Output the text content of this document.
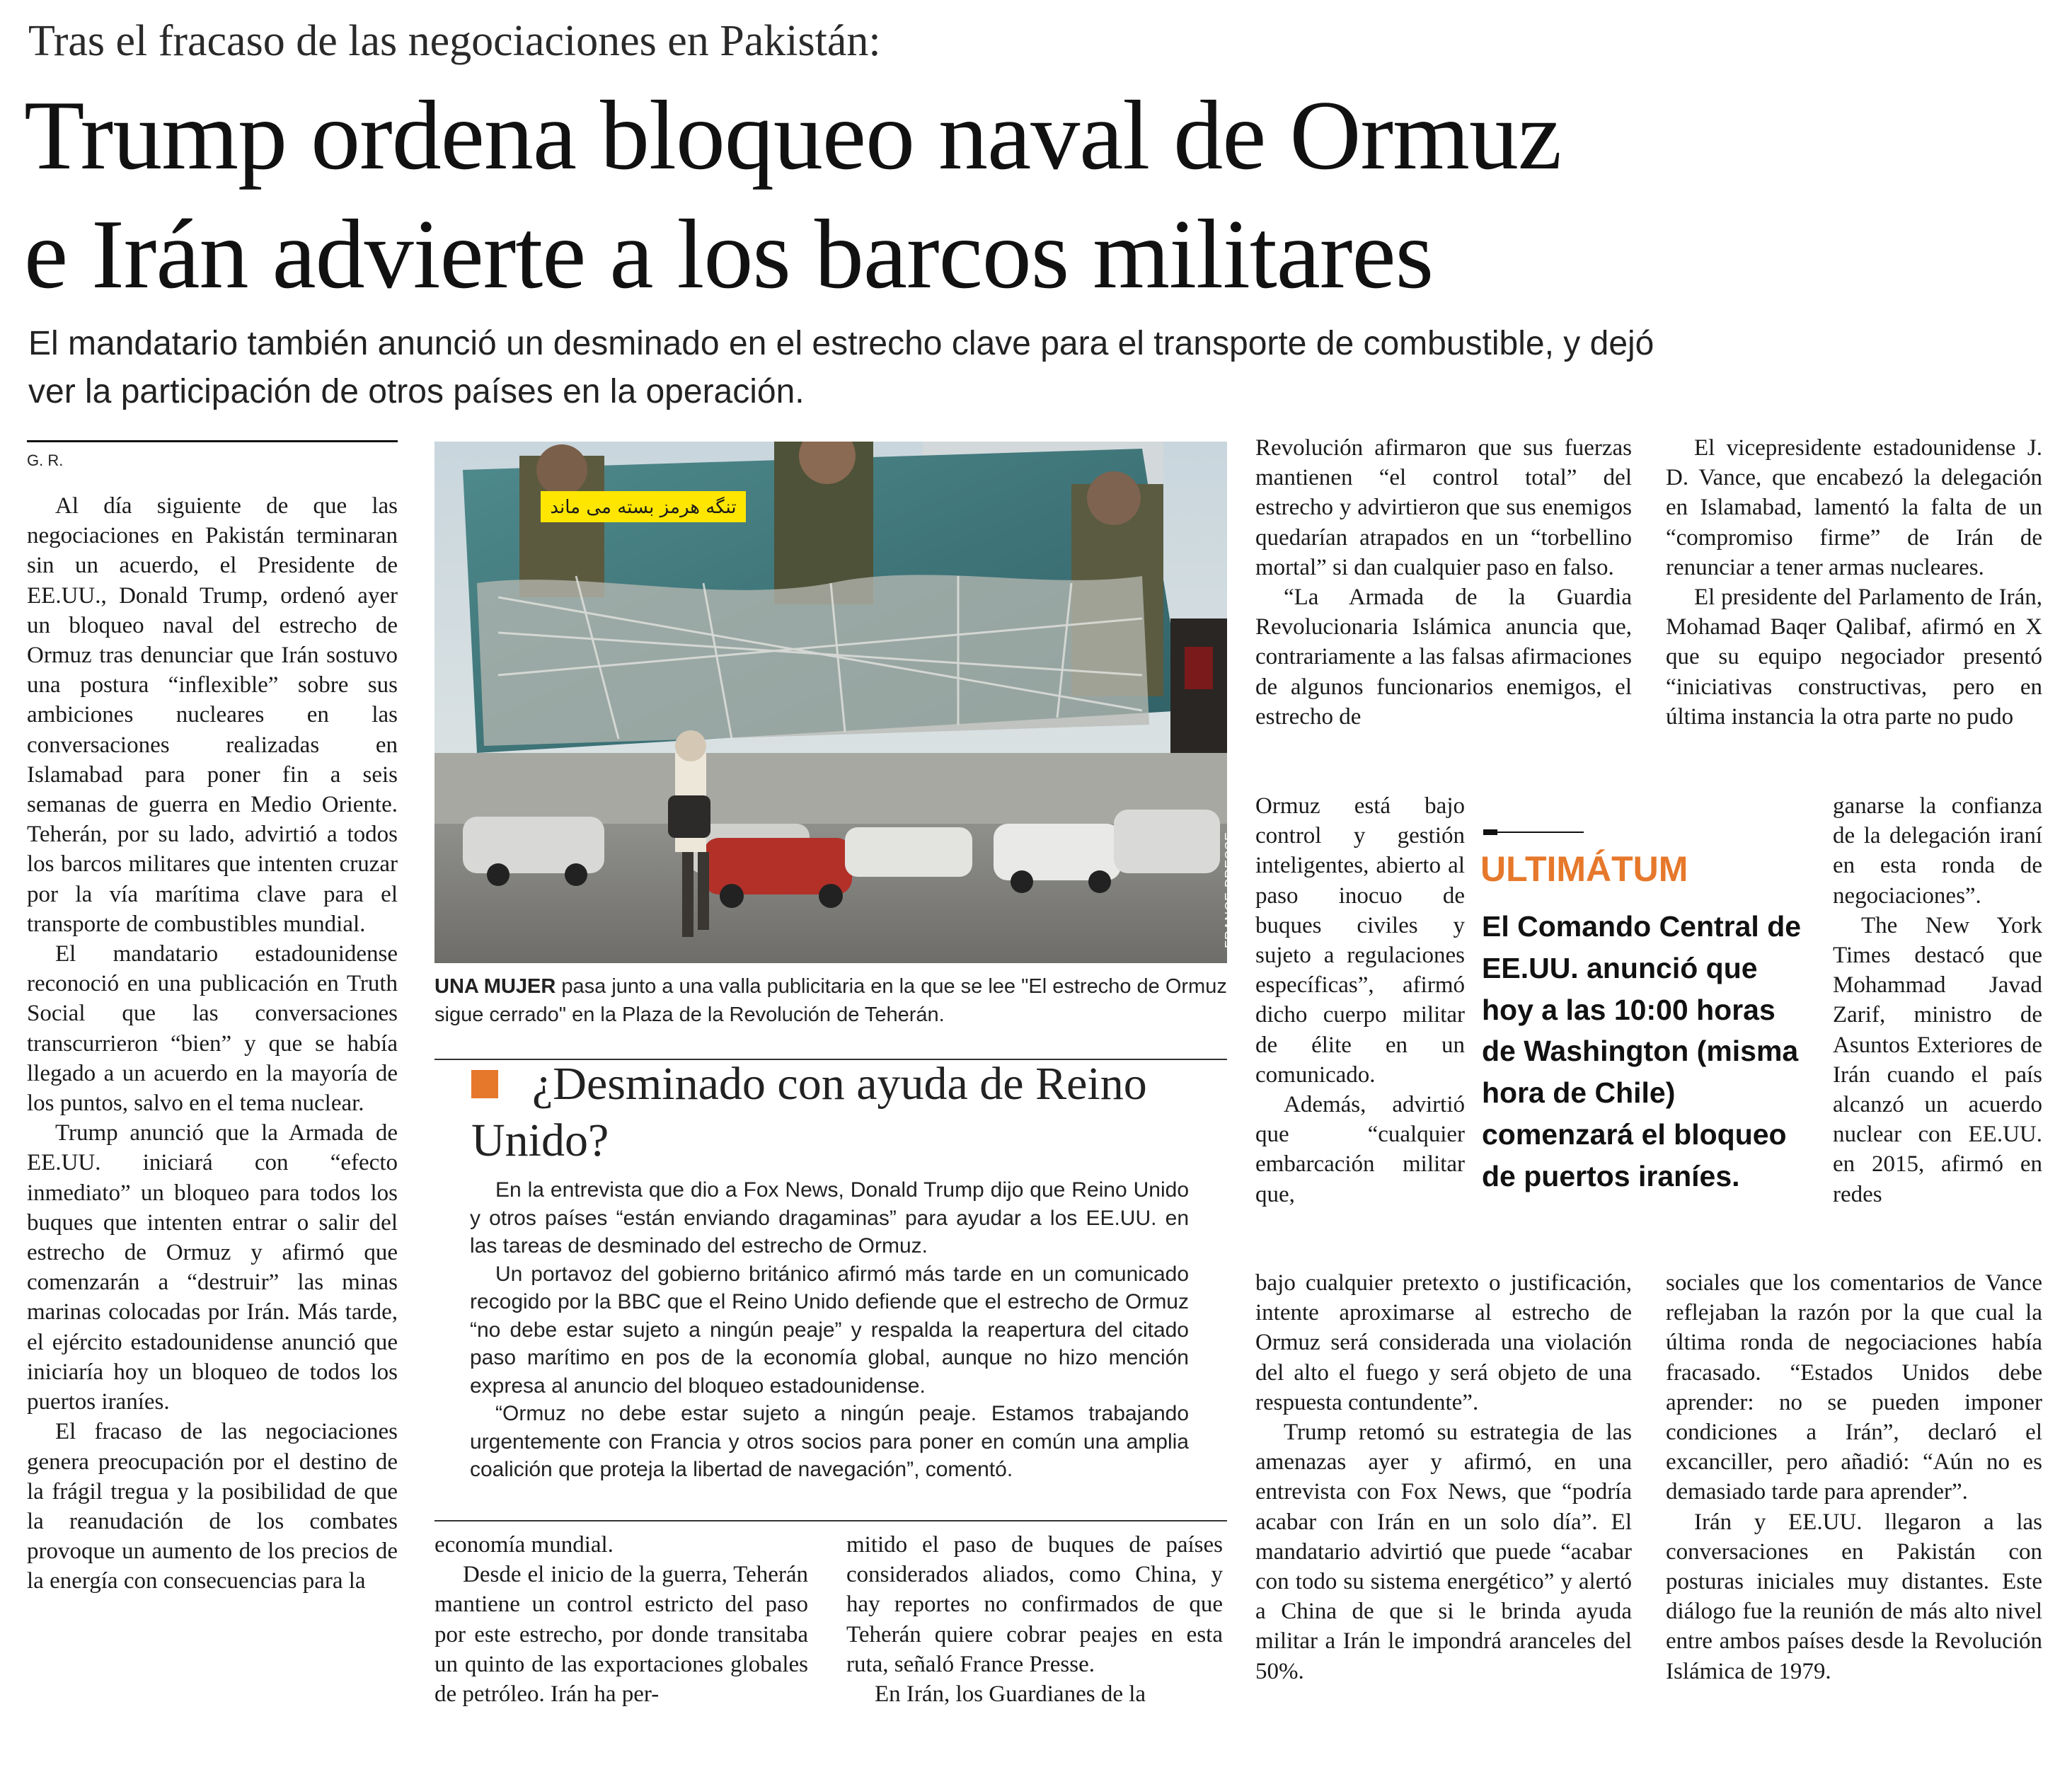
Tras el fracaso de las negociaciones en Pakistán:
Trump ordena bloqueo naval de Ormuz
e Irán advierte a los barcos militares
El mandatario también anunció un desminado en el estrecho clave para el transporte de combustible, y dejó
ver la participación de otros países en la operación.
G. R.

Al día siguiente de que las negociaciones en Pakistán terminaran sin un acuerdo, el Presidente de EE.UU., Donald Trump, ordenó ayer un bloqueo naval del estrecho de Ormuz tras denunciar que Irán sostuvo una postura “inflexible” sobre sus ambiciones nucleares en las conversaciones realizadas en Islamabad para poner fin a seis semanas de guerra en Medio Oriente. Teherán, por su lado, advirtió a todos los barcos militares que intenten cruzar por la vía marítima clave para el transporte de combustibles mundial.

El mandatario estadounidense reconoció en una publicación en Truth Social que las conversaciones transcurrieron “bien” y que se había llegado a un acuerdo en la mayoría de los puntos, salvo en el tema nuclear.

Trump anunció que la Armada de EE.UU. iniciará con “efecto inmediato” un bloqueo para todos los buques que intenten entrar o salir del estrecho de Ormuz y afirmó que comenzarán a “destruir” las minas marinas colocadas por Irán. Más tarde, el ejército estadounidense anunció que iniciaría hoy un bloqueo de todos los puertos iraníes.

El fracaso de las negociaciones genera preocupación por el destino de la frágil tregua y la posibilidad de que la reanudación de los combates provoque un aumento de los precios de la energía con consecuencias para la

تنگه هرمز بسته می ماند
FRANCE PRESSE
UNA MUJER pasa junto a una valla publicitaria en la que se lee "El estrecho de Ormuz sigue cerrado" en la Plaza de la Revolución de Teherán.
¿Desminado con ayuda de Reino Unido?

En la entrevista que dio a Fox News, Donald Trump dijo que Reino Unido y otros países “están enviando dragaminas” para ayudar a los EE.UU. en las tareas de desminado del estrecho de Ormuz.

Un portavoz del gobierno británico afirmó más tarde en un comunicado recogido por la BBC que el Reino Unido defiende que el estrecho de Ormuz “no debe estar sujeto a ningún peaje” y respalda la reapertura del citado paso marítimo en pos de la economía global, aunque no hizo mención expresa al anuncio del bloqueo estadounidense.

“Ormuz no debe estar sujeto a ningún peaje. Estamos trabajando urgentemente con Francia y otros socios para poner en común una amplia coalición que proteja la libertad de navegación”, comentó.

economía mundial.

Desde el inicio de la guerra, Teherán mantiene un control estricto del paso por este estrecho, por donde transitaba un quinto de las exportaciones globales de petróleo. Irán ha per-

mitido el paso de buques de países considerados aliados, como China, y hay reportes no confirmados de que Teherán quiere cobrar peajes en esta ruta, señaló France Presse.

En Irán, los Guardianes de la

Revolución afirmaron que sus fuerzas mantienen “el control total” del estrecho y advirtieron que sus enemigos quedarían atrapados en un “torbellino mortal” si dan cualquier paso en falso.

“La Armada de la Guardia Revolucionaria Islámica anuncia que, contrariamente a las falsas afirmaciones de algunos funcionarios enemigos, el estrecho de

Ormuz está bajo control y gestión inteligentes, abierto al paso inocuo de buques civiles y sujeto a regulaciones específicas”, afirmó dicho cuerpo militar de élite en un comunicado.

Además, advirtió que “cualquier embarcación militar que,

bajo cualquier pretexto o justificación, intente aproximarse al estrecho de Ormuz será considerada una violación del alto el fuego y será objeto de una respuesta contundente”.

Trump retomó su estrategia de las amenazas ayer y afirmó, en una entrevista con Fox News, que “podría acabar con Irán en un solo día”. El mandatario advirtió que puede “acabar con todo su sistema energético” y alertó a China de que si le brinda ayuda militar a Irán le impondrá aranceles del 50%.

ULTIMÁTUM
El Comando Central de EE.UU. anunció que hoy a las 10:00 horas de Washington (misma hora de Chile) comenzará el bloqueo de puertos iraníes.

El vicepresidente estadounidense J. D. Vance, que encabezó la delegación en Islamabad, lamentó la falta de un “compromiso firme” de Irán de renunciar a tener armas nucleares.

El presidente del Parlamento de Irán, Mohamad Baqer Qalibaf, afirmó en X que su equipo negociador presentó “iniciativas constructivas, pero en última instancia la otra parte no pudo

ganarse la confianza de la delegación iraní en esta ronda de negociaciones”.

The New York Times destacó que Mohammad Javad Zarif, ministro de Asuntos Exteriores de Irán cuando el país alcanzó un acuerdo nuclear con EE.UU. en 2015, afirmó en redes

sociales que los comentarios de Vance reflejaban la razón por la que cual la última ronda de negociaciones había fracasado. “Estados Unidos debe aprender: no se pueden imponer condiciones a Irán”, declaró el excanciller, pero añadió: “Aún no es demasiado tarde para aprender”.

Irán y EE.UU. llegaron a las conversaciones en Pakistán con posturas iniciales muy distantes. Este diálogo fue la reunión de más alto nivel entre ambos países desde la Revolución Islámica de 1979.
